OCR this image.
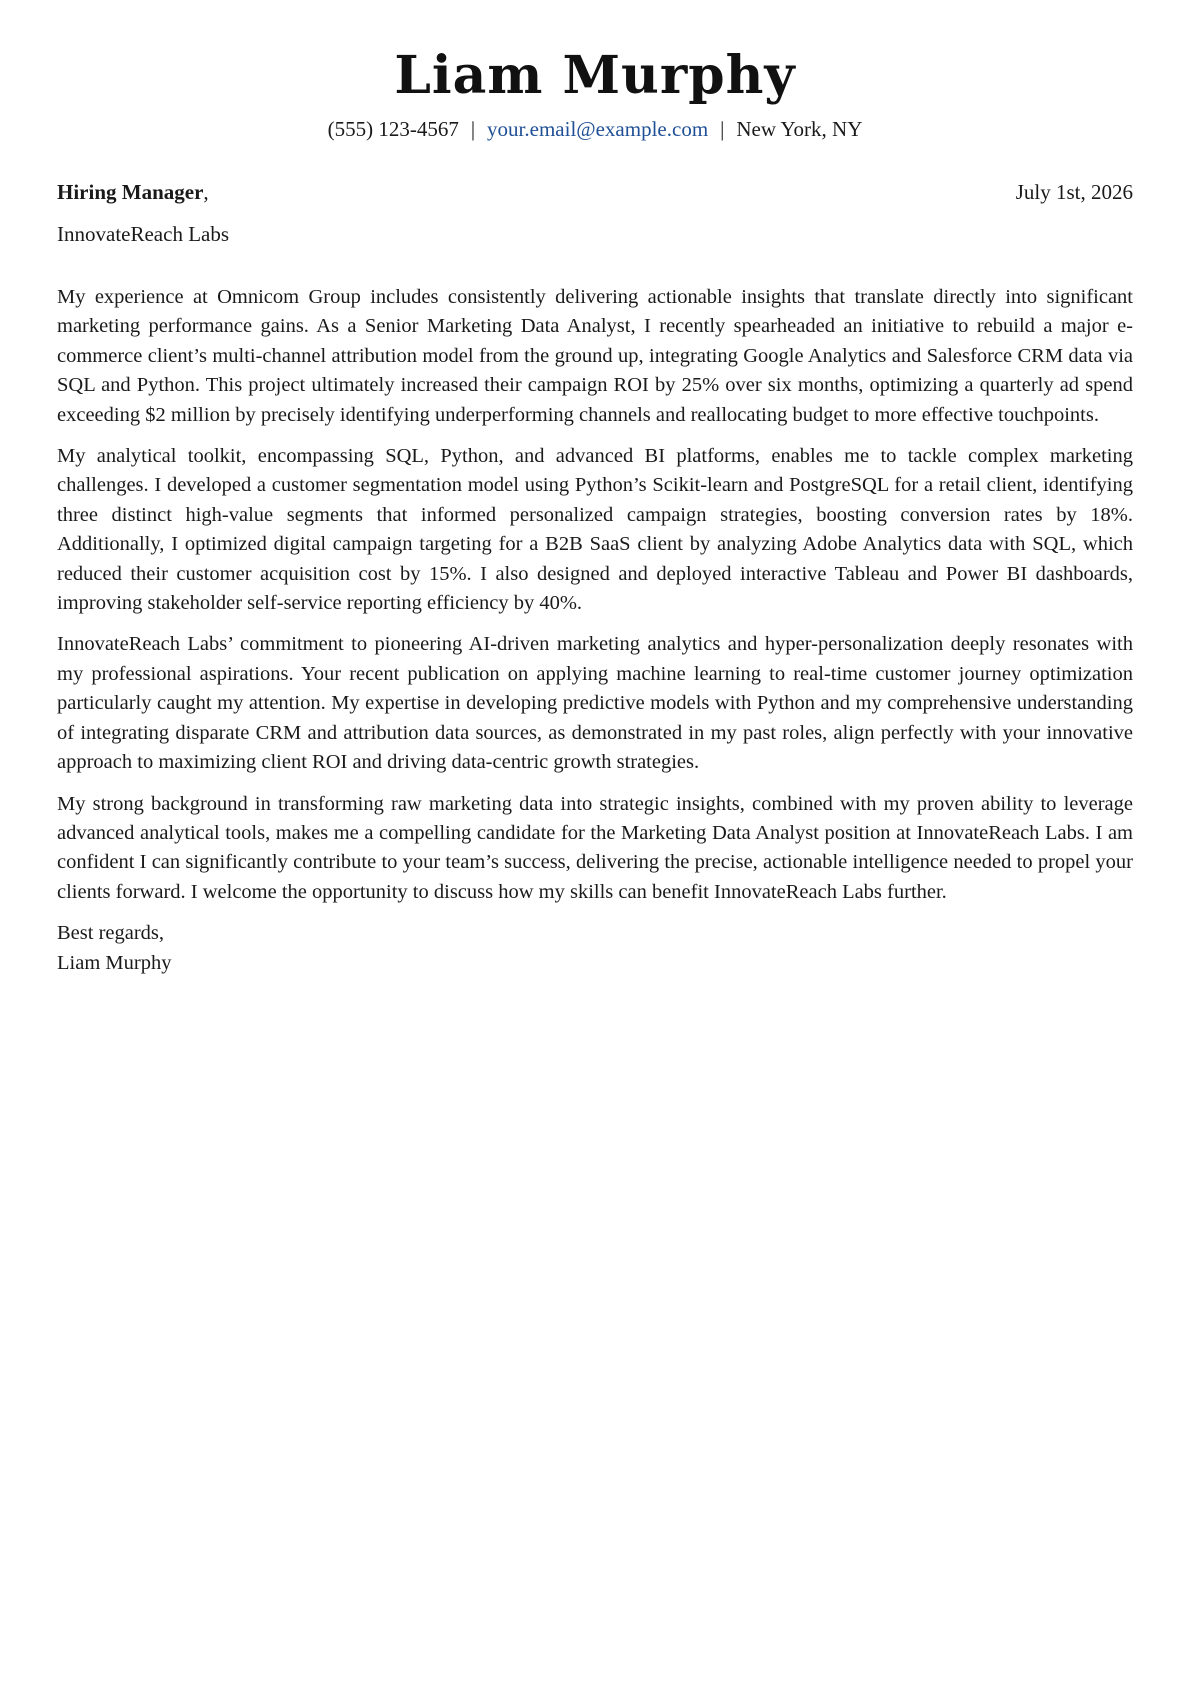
Liam Murphy
(555) 123-4567 | your.email@example.com | New York, NY
Hiring Manager,	July 1st, 2026
InnovateReach Labs

My experience at Omnicom Group includes consistently delivering actionable insights that translate directly into significant marketing performance gains. As a Senior Marketing Data Analyst, I recently spearheaded an initiative to rebuild a major e-commerce client’s multi-channel attribution model from the ground up, integrating Google Analytics and Salesforce CRM data via SQL and Python. This project ultimately increased their campaign ROI by 25% over six months, optimizing a quarterly ad spend exceeding $2 million by precisely identifying underperforming channels and reallocating budget to more effective touchpoints.

My analytical toolkit, encompassing SQL, Python, and advanced BI platforms, enables me to tackle complex marketing challenges. I developed a customer segmentation model using Python’s Scikit-learn and PostgreSQL for a retail client, identifying three distinct high-value segments that informed personalized campaign strategies, boosting conversion rates by 18%. Additionally, I optimized digital campaign targeting for a B2B SaaS client by analyzing Adobe Analytics data with SQL, which reduced their customer acquisition cost by 15%. I also designed and deployed interactive Tableau and Power BI dashboards, improving stakeholder self-service reporting efficiency by 40%.

InnovateReach Labs’ commitment to pioneering AI-driven marketing analytics and hyper-personalization deeply resonates with my professional aspirations. Your recent publication on applying machine learning to real-time customer journey optimization particularly caught my attention. My expertise in developing predictive models with Python and my comprehensive understanding of integrating disparate CRM and attribution data sources, as demonstrated in my past roles, align perfectly with your innovative approach to maximizing client ROI and driving data-centric growth strategies.

My strong background in transforming raw marketing data into strategic insights, combined with my proven ability to leverage advanced analytical tools, makes me a compelling candidate for the Marketing Data Analyst position at InnovateReach Labs. I am confident I can significantly contribute to your team’s success, delivering the precise, actionable intelligence needed to propel your clients forward. I welcome the opportunity to discuss how my skills can benefit InnovateReach Labs further.

Best regards,
Liam Murphy
